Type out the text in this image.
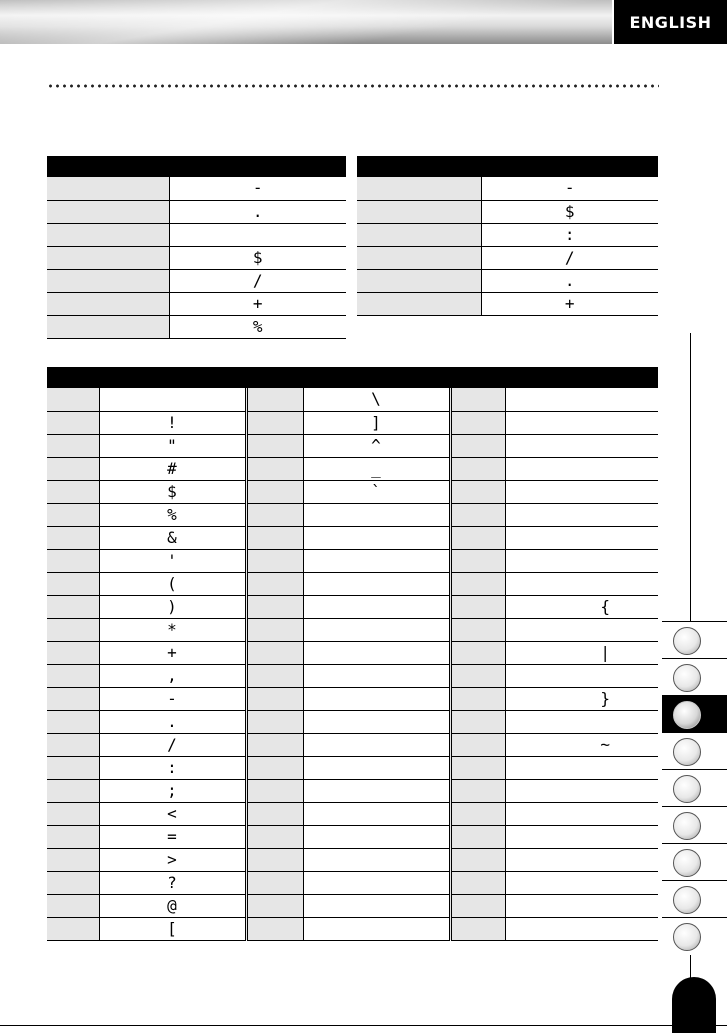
ENGLISH

	-
	.

	$
	/
	+
	%

	-
	$
	:
	/
	.
	+

			\		
	!		]		
	"		^		
	#		_		
	$		`		
	%				
	&				
	'				
	(				
	)				{
	*				
	+				|
	,				
	-				}
	.				
	/				~
	:				
	;				
	<				
	=				
	>				
	?				
	@				
	[				
